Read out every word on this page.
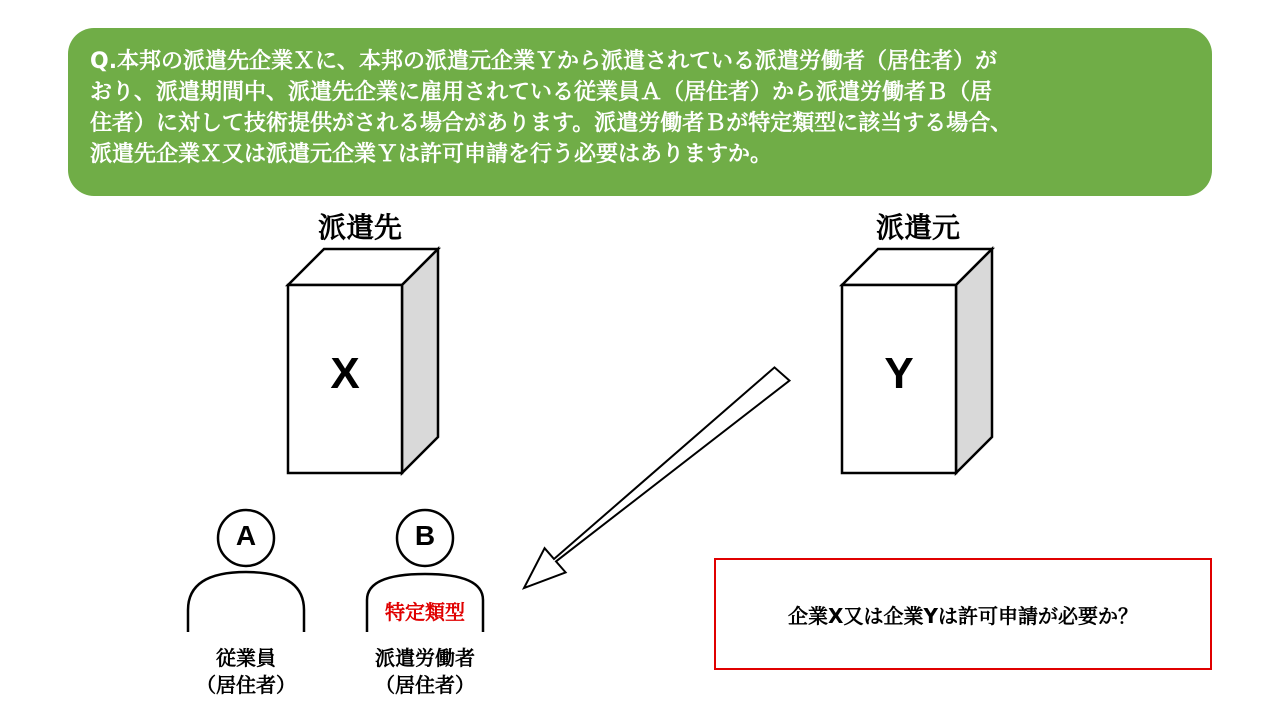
Q.本邦の派遣先企業Ｘに、本邦の派遣元企業Ｙから派遣されている派遣労働者（居住者）が
おり、派遣期間中、派遣先企業に雇用されている従業員Ａ（居住者）から派遣労働者Ｂ（居
住者）に対して技術提供がされる場合があります。派遣労働者Ｂが特定類型に該当する場合、
派遣先企業Ｘ又は派遣元企業Ｙは許可申請を行う必要はありますか。

派遣先	派遣元
X	Y
A	B
特定類型
従業員
（居住者）
派遣労働者
（居住者）
企業X又は企業Yは許可申請が必要か？
